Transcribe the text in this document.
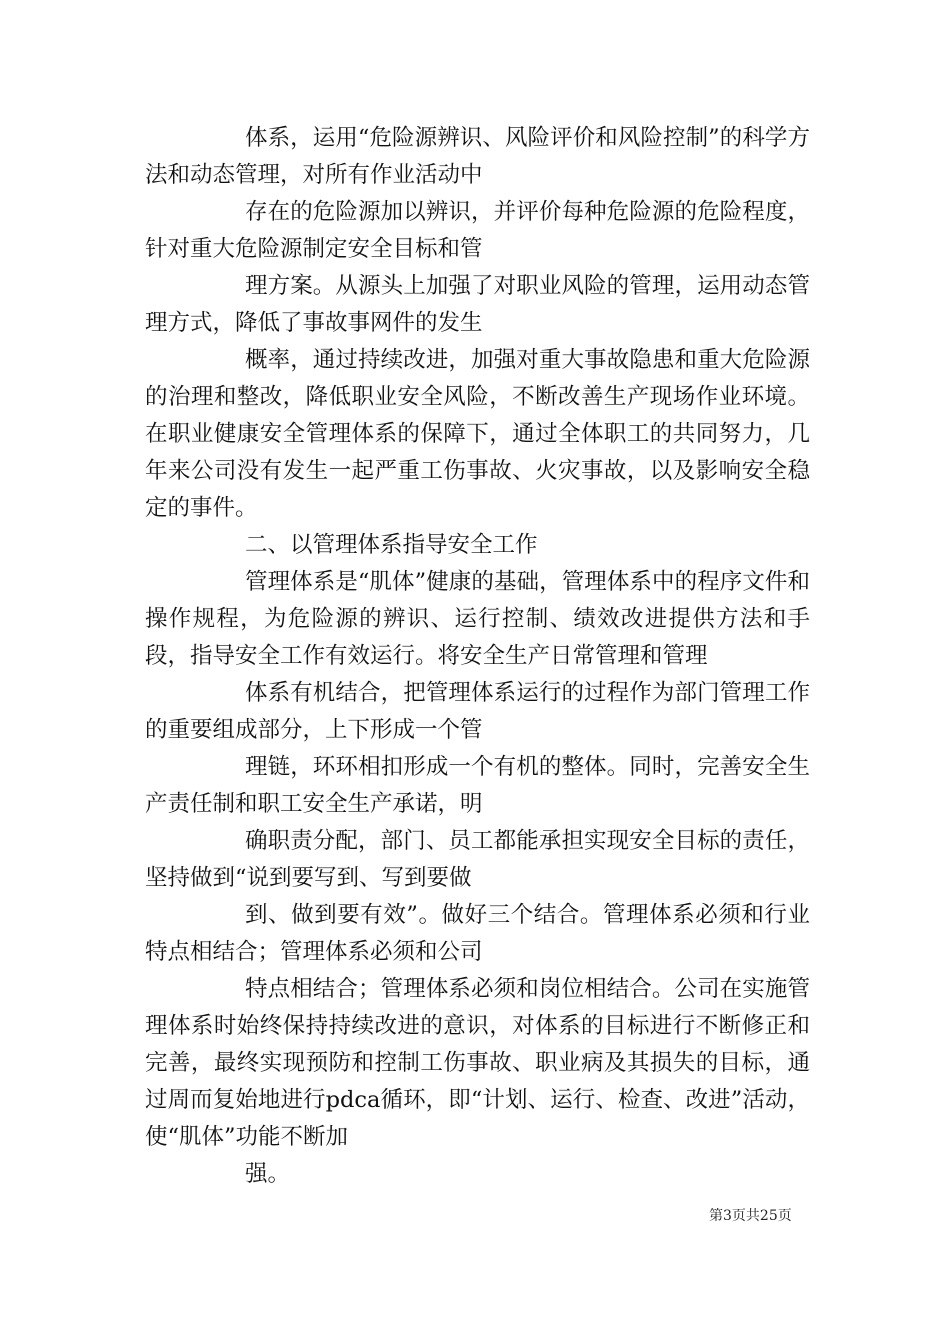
体系，运用“危险源辨识、风险评价和风险控制”的科学方法和动态管理，对所有作业活动中

存在的危险源加以辨识，并评价每种危险源的危险程度，针对重大危险源制定安全目标和管

理方案。从源头上加强了对职业风险的管理，运用动态管理方式，降低了事故事网件的发生

概率，通过持续改进，加强对重大事故隐患和重大危险源的治理和整改，降低职业安全风险，不断改善生产现场作业环境。在职业健康安全管理体系的保障下，通过全体职工的共同努力，几年来公司没有发生一起严重工伤事故、火灾事故，以及影响安全稳定的事件。

二、以管理体系指导安全工作

管理体系是“肌体”健康的基础，管理体系中的程序文件和操作规程，为危险源的辨识、运行控制、绩效改进提供方法和手段，指导安全工作有效运行。将安全生产日常管理和管理

体系有机结合，把管理体系运行的过程作为部门管理工作的重要组成部分，上下形成一个管

理链，环环相扣形成一个有机的整体。同时，完善安全生产责任制和职工安全生产承诺，明

确职责分配，部门、员工都能承担实现安全目标的责任，坚持做到“说到要写到、写到要做

到、做到要有效”。做好三个结合。管理体系必须和行业特点相结合；管理体系必须和公司

特点相结合；管理体系必须和岗位相结合。公司在实施管理体系时始终保持持续改进的意识，对体系的目标进行不断修正和完善，最终实现预防和控制工伤事故、职业病及其损失的目标，通过周而复始地进行pdca循环，即“计划、运行、检查、改进”活动，使“肌体”功能不断加

强。

第3页共25页
